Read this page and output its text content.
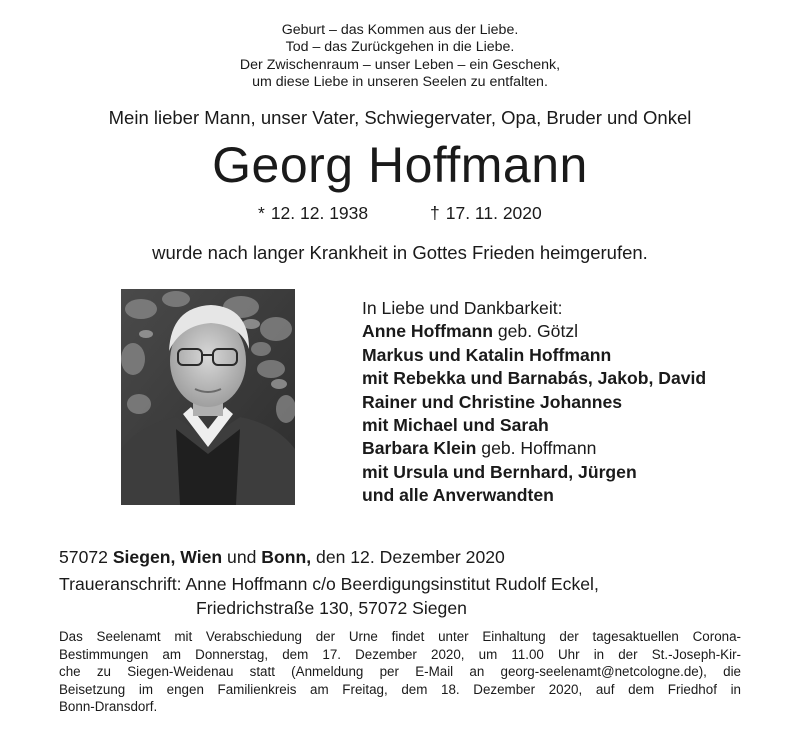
Geburt – das Kommen aus der Liebe.
Tod – das Zurückgehen in die Liebe.
Der Zwischenraum – unser Leben – ein Geschenk,
um diese Liebe in unseren Seelen zu entfalten.
Mein lieber Mann, unser Vater, Schwiegervater, Opa, Bruder und Onkel
Georg Hoffmann
* 12. 12. 1938	† 17. 11. 2020
wurde nach langer Krankheit in Gottes Frieden heimgerufen.
In Liebe und Dankbarkeit:
Anne Hoffmann geb. Götzl
Markus und Katalin Hoffmann
mit Rebekka und Barnabás, Jakob, David
Rainer und Christine Johannes
mit Michael und Sarah
Barbara Klein geb. Hoffmann
mit Ursula und Bernhard, Jürgen
und alle Anverwandten
57072 Siegen, Wien und Bonn, den 12. Dezember 2020
Traueranschrift: Anne Hoffmann c/o Beerdigungsinstitut Rudolf Eckel,
Friedrichstraße 130, 57072 Siegen
Das Seelenamt mit Verabschiedung der Urne findet unter Einhaltung der tagesaktuellen Corona-
Bestimmungen am Donnerstag, dem 17. Dezember 2020, um 11.00 Uhr in der St.-Joseph-Kir-
che zu Siegen-Weidenau statt (Anmeldung per E-Mail an georg-seelenamt@netcologne.de), die
Beisetzung im engen Familienkreis am Freitag, dem 18. Dezember 2020, auf dem Friedhof in
Bonn-Dransdorf.
